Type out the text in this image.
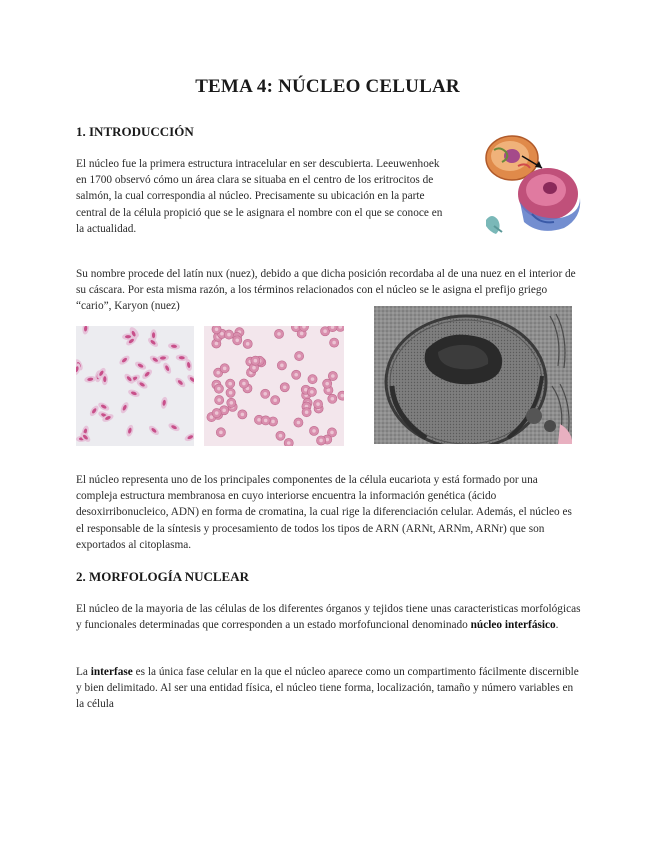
TEMA 4: NÚCLEO CELULAR
1. INTRODUCCIÓN
El núcleo fue la primera estructura intracelular en ser descubierta. Leeuwenhoek en 1700 observó cómo un área clara se situaba en el centro de los eritrocitos de salmón, la cual correspondia al núcleo. Precisamente su ubicación en la parte central de la célula propició que se le asignara el nombre con el que se conoce en la actualidad.
Su nombre procede del latín nux (nuez), debido a que dicha posición recordaba al de una nuez en el interior de su cáscara. Por esta misma razón, a los términos relacionados con el núcleo se le asigna el prefijo griego “cario”, Karyon (nuez)
El núcleo representa uno de los principales componentes de la célula eucariota y está formado por una compleja estructura membranosa en cuyo interiorse encuentra la información genética (ácido desoxirribonucleico, ADN) en forma de cromatina, la cual rige la diferenciación celular. Además, el núcleo es el responsable de la síntesis y procesamiento de todos los tipos de ARN (ARNt, ARNm, ARNr) que son exportados al citoplasma.
2. MORFOLOGÍA NUCLEAR
El núcleo de la mayoria de las células de los diferentes órganos y tejidos tiene unas caracteristicas morfológicas y funcionales determinadas que corresponden a un estado morfofuncional denominado núcleo interfásico.
La interfase es la única fase celular en la que el núcleo aparece como un compartimento fácilmente discernible y bien delimitado. Al ser una entidad física, el núcleo tiene forma, localización, tamaño y número variables en la célula
